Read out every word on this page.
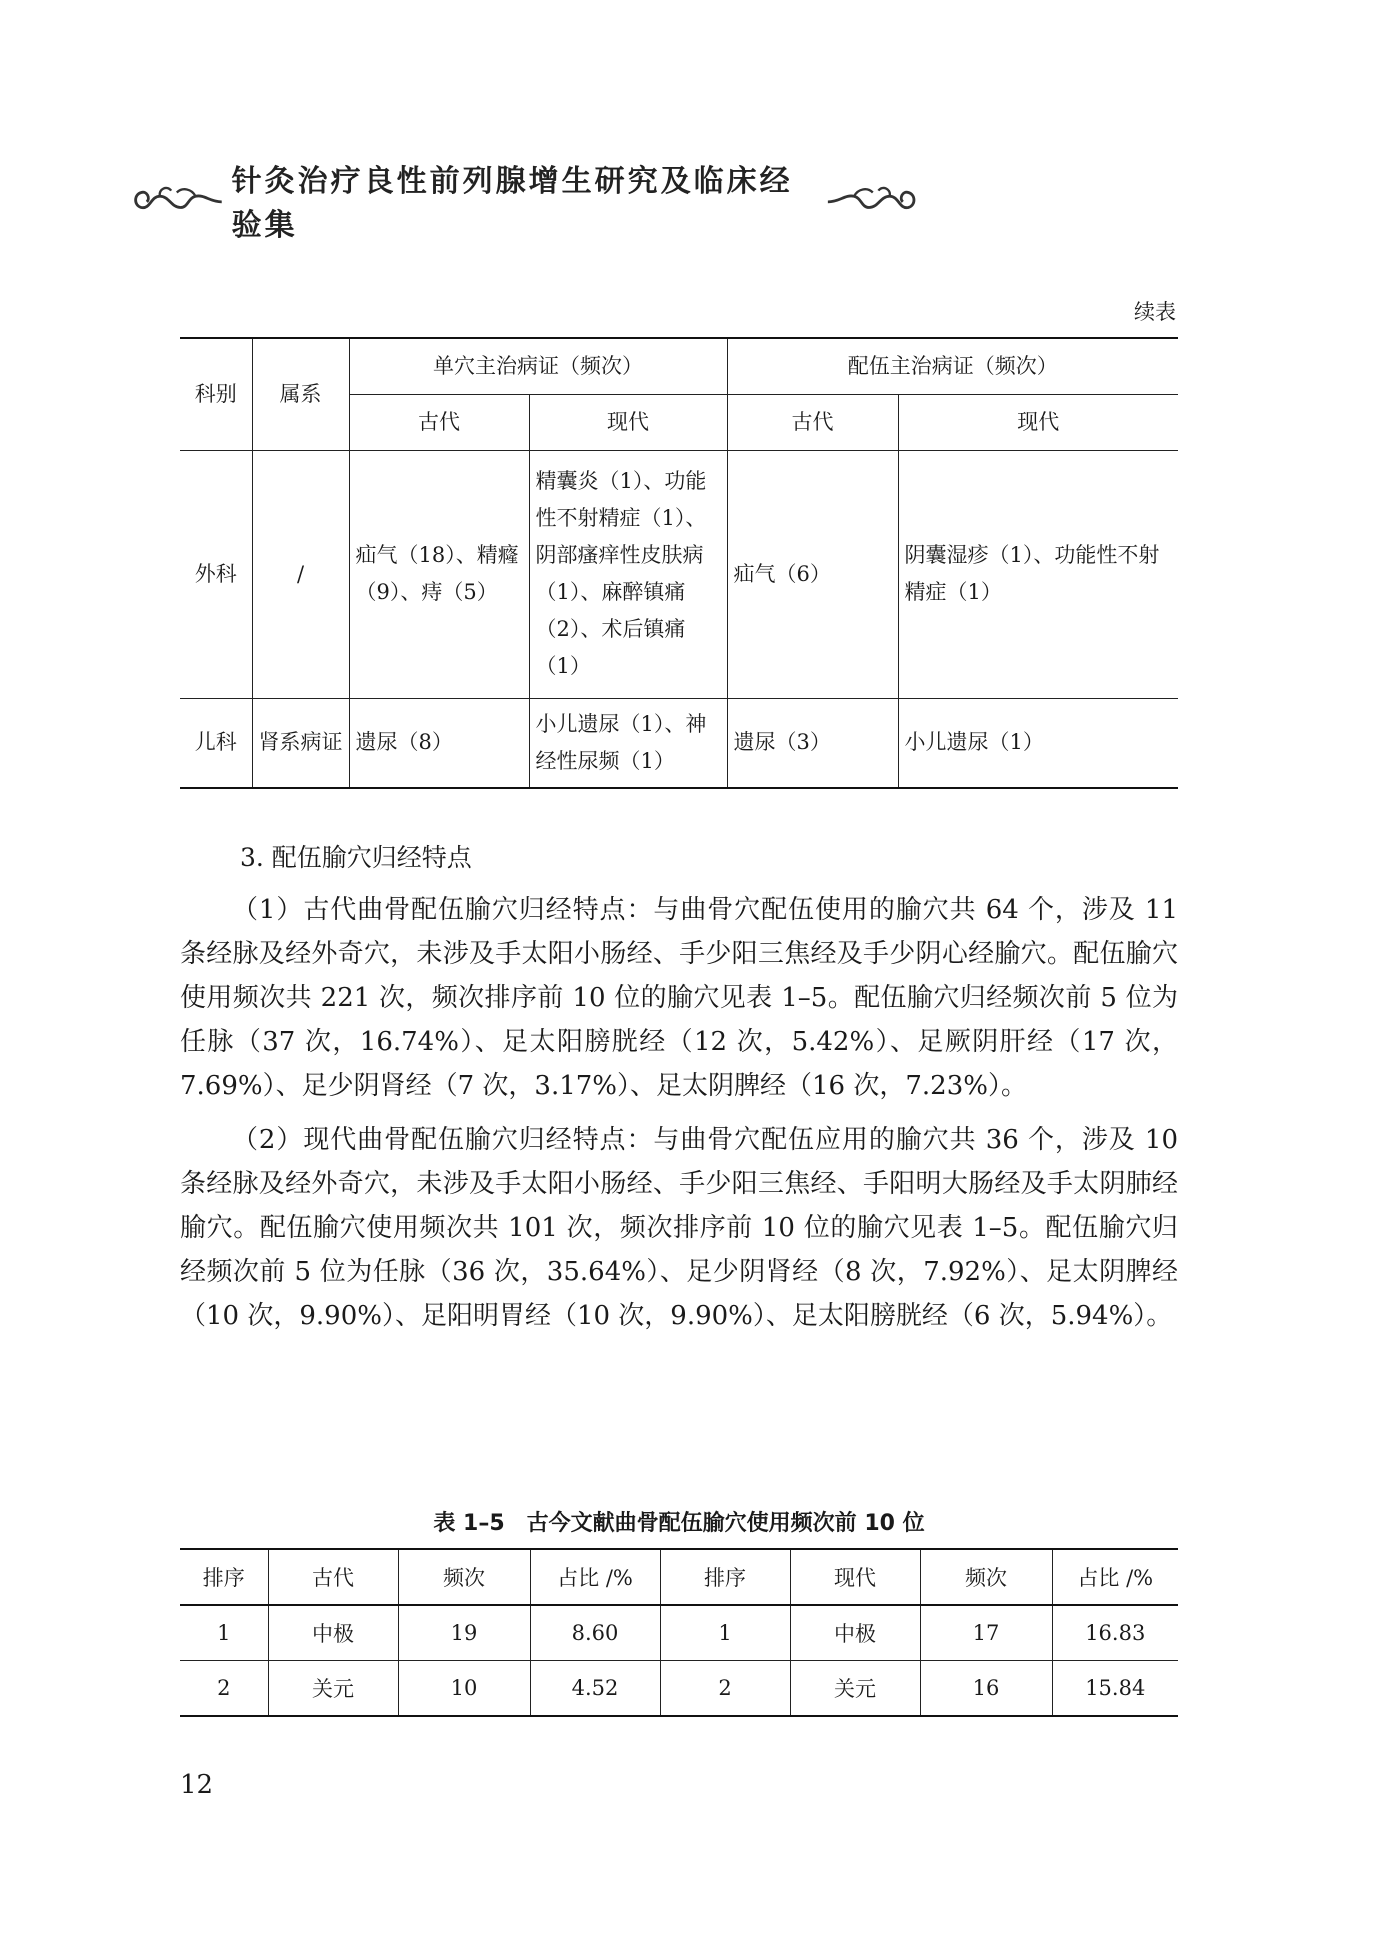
针灸治疗良性前列腺增生研究及临床经验集
续表
科别	属系	单穴主治病证（频次）		配伍主治病证（频次）	
		古代	现代	古代	现代
外科	/	疝气（18）、精癃（9）、痔（5）	精囊炎（1）、功能性不射精症（1）、阴部瘙痒性皮肤病（1）、麻醉镇痛（2）、术后镇痛（1）	疝气（6）	阴囊湿疹（1）、功能性不射精症（1）
儿科	肾系病证	遗尿（8）	小儿遗尿（1）、神经性尿频（1）	遗尿（3）	小儿遗尿（1）
3. 配伍腧穴归经特点

（1）古代曲骨配伍腧穴归经特点：与曲骨穴配伍使用的腧穴共 64 个，涉及 11 条经脉及经外奇穴，未涉及手太阳小肠经、手少阳三焦经及手少阴心经腧穴。配伍腧穴使用频次共 221 次，频次排序前 10 位的腧穴见表 1–5。配伍腧穴归经频次前 5 位为任脉（37 次，16.74%）、足太阳膀胱经（12 次，5.42%）、足厥阴肝经（17 次，7.69%）、足少阴肾经（7 次，3.17%）、足太阴脾经（16 次，7.23%）。

（2）现代曲骨配伍腧穴归经特点：与曲骨穴配伍应用的腧穴共 36 个，涉及 10 条经脉及经外奇穴，未涉及手太阳小肠经、手少阳三焦经、手阳明大肠经及手太阴肺经腧穴。配伍腧穴使用频次共 101 次，频次排序前 10 位的腧穴见表 1–5。配伍腧穴归经频次前 5 位为任脉（36 次，35.64%）、足少阴肾经（8 次，7.92%）、足太阴脾经（10 次，9.90%）、足阳明胃经（10 次，9.90%）、足太阳膀胱经（6 次，5.94%）。

表 1–5　古今文献曲骨配伍腧穴使用频次前 10 位
排序	古代	频次	占比 /%	排序	现代	频次	占比 /%
1	中极	19	8.60	1	中极	17	16.83
2	关元	10	4.52	2	关元	16	15.84
12
